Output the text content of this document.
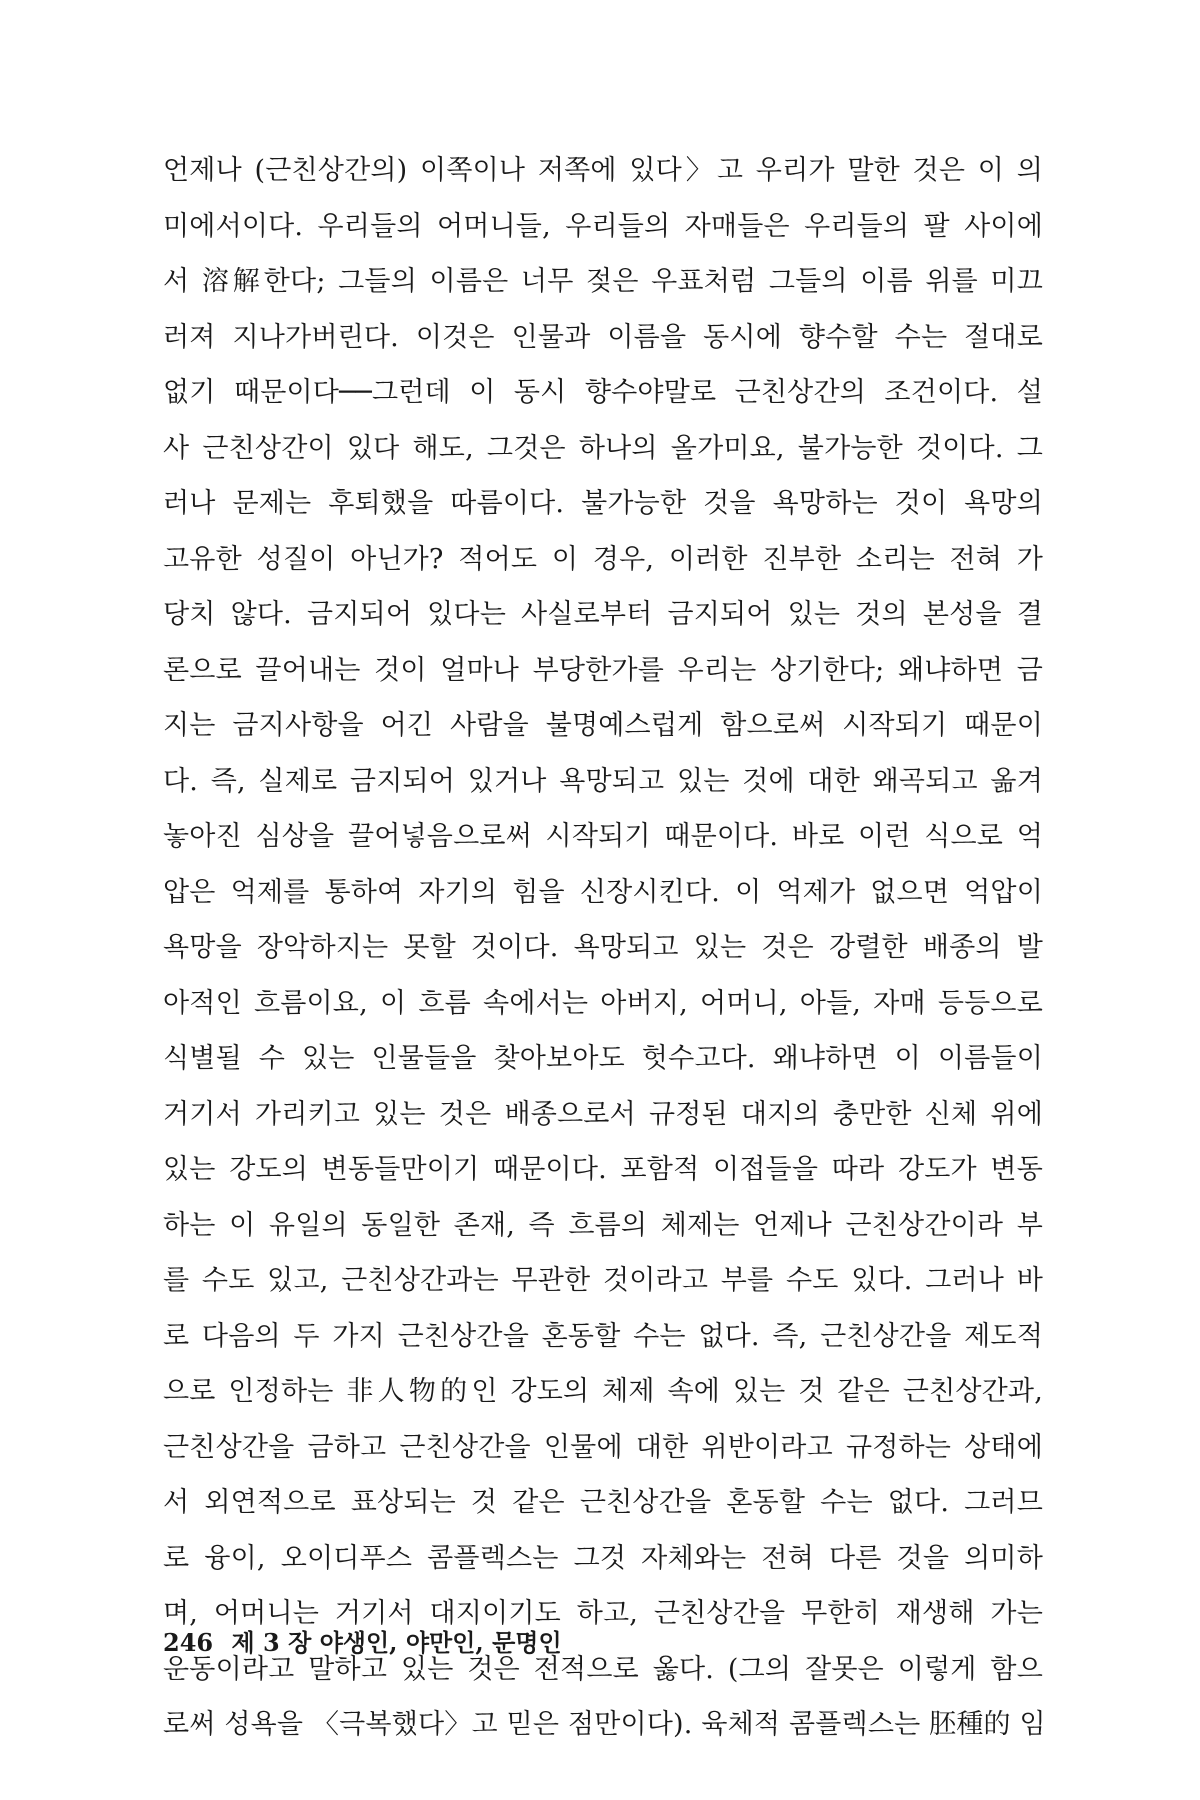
언제나 (근친상간의) 이쪽이나 저쪽에 있다〉고 우리가 말한 것은 이 의
미에서이다. 우리들의 어머니들, 우리들의 자매들은 우리들의 팔 사이에
서 溶解한다; 그들의 이름은 너무 젖은 우표처럼 그들의 이름 위를 미끄
러져 지나가버린다. 이것은 인물과 이름을 동시에 향수할 수는 절대로
없기 때문이다──그런데 이 동시 향수야말로 근친상간의 조건이다. 설
사 근친상간이 있다 해도, 그것은 하나의 올가미요, 불가능한 것이다. 그
러나 문제는 후퇴했을 따름이다. 불가능한 것을 욕망하는 것이 욕망의
고유한 성질이 아닌가? 적어도 이 경우, 이러한 진부한 소리는 전혀 가
당치 않다. 금지되어 있다는 사실로부터 금지되어 있는 것의 본성을 결
론으로 끌어내는 것이 얼마나 부당한가를 우리는 상기한다; 왜냐하면 금
지는 금지사항을 어긴 사람을 불명예스럽게 함으로써 시작되기 때문이
다. 즉, 실제로 금지되어 있거나 욕망되고 있는 것에 대한 왜곡되고 옮겨
놓아진 심상을 끌어넣음으로써 시작되기 때문이다. 바로 이런 식으로 억
압은 억제를 통하여 자기의 힘을 신장시킨다. 이 억제가 없으면 억압이
욕망을 장악하지는 못할 것이다. 욕망되고 있는 것은 강렬한 배종의 발
아적인 흐름이요, 이 흐름 속에서는 아버지, 어머니, 아들, 자매 등등으로
식별될 수 있는 인물들을 찾아보아도 헛수고다. 왜냐하면 이 이름들이
거기서 가리키고 있는 것은 배종으로서 규정된 대지의 충만한 신체 위에
있는 강도의 변동들만이기 때문이다. 포함적 이접들을 따라 강도가 변동
하는 이 유일의 동일한 존재, 즉 흐름의 체제는 언제나 근친상간이라 부
를 수도 있고, 근친상간과는 무관한 것이라고 부를 수도 있다. 그러나 바
로 다음의 두 가지 근친상간을 혼동할 수는 없다. 즉, 근친상간을 제도적
으로 인정하는 非人物的인 강도의 체제 속에 있는 것 같은 근친상간과,
근친상간을 금하고 근친상간을 인물에 대한 위반이라고 규정하는 상태에
서 외연적으로 표상되는 것 같은 근친상간을 혼동할 수는 없다. 그러므
로 융이, 오이디푸스 콤플렉스는 그것 자체와는 전혀 다른 것을 의미하
며, 어머니는 거기서 대지이기도 하고, 근친상간을 무한히 재생해 가는
운동이라고 말하고 있는 것은 전적으로 옳다. (그의 잘못은 이렇게 함으
로써 성욕을 〈극복했다〉고 믿은 점만이다). 육체적 콤플렉스는 胚種的 임
246 제 3 장 야생인, 야만인, 문명인
